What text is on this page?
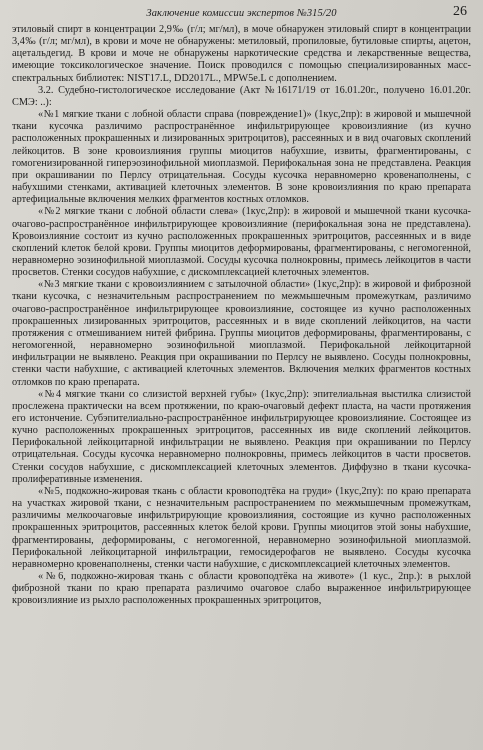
Заключение комиссии экспертов №315/20	26

этиловый спирт в концентрации 2,9‰ (г/л; мг/мл), в моче обнаружен этиловый спирт в концентрации 3,4‰ (г/л; мг/мл), в крови и моче не обнаружены: метиловый, пропиловые, бутиловые спирты, ацетон, ацетальдегид. В крови и моче не обнаружены наркотические средства и лекарственные вещества, имеющие токсикологическое значение. Поиск проводился с помощью специализированных масс-спектральных библиотек: NIST17.L, DD2017L., MPW5e.L с дополнением.

3.2. Судебно-гистологическое исследование (Акт №16171/19 от 16.01.20г., получено 16.01.20г. СМЭ: ..):

«№1 мягкие ткани с лобной области справа (повреждение1)» (1кус,2пр): в жировой и мышечной ткани кусочка различимо распространённое инфильтрирующее кровоизлияние (из кучно расположенных прокрашенных и лизированных эритроцитов), рассеянных и в вид очаговых скоплений лейкоцитов. В зоне кровоизлияния группы миоцитов набухшие, извиты, фрагментированы, с гомогенизированной гиперэозинофильной миоплазмой. Перифокальная зона не представлена. Реакция при окрашивании по Перлсу отрицательная. Сосуды кусочка неравномерно кровенаполнены, с набухшими стенками, активацией клеточных элементов. В зоне кровоизлияния по краю препарата артефициальные включения мелких фрагментов костных отломков.

«№2 мягкие ткани с лобной области слева» (1кус,2пр): в жировой и мышечной ткани кусочка- очагово-распространённое инфильтрирующее кровоизлияние (перифокальная зона не представлена). Кровоизлияние состоит из кучно расположенных прокрашенных эритроцитов, рассеянных и в виде скоплений клеток белой крови. Группы миоцитов деформированы, фрагментированы, с негомогенной, неравномерно эозинофильной миоплазмой. Сосуды кусочка полнокровны, примесь лейкоцитов в части просветов. Стенки сосудов набухшие, с дискомплексацией клеточных элементов.

«№3 мягкие ткани с кровоизлиянием с затылочной области» (1кус,2пр): в жировой и фиброзной ткани кусочка, с незначительным распространением по межмышечным промежуткам, различимо очагово-распространённое инфильтрирующее кровоизлияние, состоящее из кучно расположенных прокрашенных лизированных эритроцитов, рассеянных и в виде скоплений лейкоцитов, на части протяжения с отмешиванием нитей фибрина. Группы миоцитов деформированы, фрагментированы, с негомогенной, неравномерно эозинофильной миоплазмой. Перифокальной лейкоцитарной инфильтрации не выявлено. Реакция при окрашивании по Перлсу не выявлено. Сосуды полнокровны, стенки части набухшие, с активацией клеточных элементов. Включения мелких фрагментов костных отломков по краю препарата.

«№4 мягкие ткани со слизистой верхней губы» (1кус,2пр): эпителиальная выстилка слизистой прослежена практически на всем протяжении, по краю-очаговый дефект пласта, на части протяжения его истончение. Субэпителиально-распространённое инфильтрирующее кровоизлияние. Состоящее из кучно расположенных прокрашенных эритроцитов, рассеянных ив виде скоплений лейкоцитов. Перифокальной лейкоцитарной инфильтрации не выявлено. Реакция при окрашивании по Перлсу отрицательная. Сосуды кусочка неравномерно полнокровны, примесь лейкоцитов в части просветов. Стенки сосудов набухшие, с дискомплексацией клеточных элементов. Диффузно в ткани кусочка-пролиферативные изменения.

«№5, подкожно-жировая ткань с области кровоподтёка на груди» (1кус,2пу): по краю препарата на участках жировой ткани, с незначительным распространением по межмышечным промежуткам, различимы мелкоочаговые инфильтрирующие кровоизлияния, состоящие из кучно расположенных прокрашенных эритроцитов, рассеянных клеток белой крови. Группы миоцитов этой зоны набухшие, фрагментированы, деформированы, с негомогенной, неравномерно эозинофильной миоплазмой. Перифокальной лейкоцитарной инфильтрации, гемосидерофагов не выявлено. Сосуды кусочка неравномерно кровенаполнены, стенки части набухшие, с дискомплексацией клеточных элементов.

«№6, подкожно-жировая ткань с области кровоподтёка на животе» (1 кус., 2пр.): в рыхлой фиброзной ткани по краю препарата различимо очаговое слабо выраженное инфильтрирующее кровоизлияние из рыхло расположенных прокрашенных эритроцитов,
